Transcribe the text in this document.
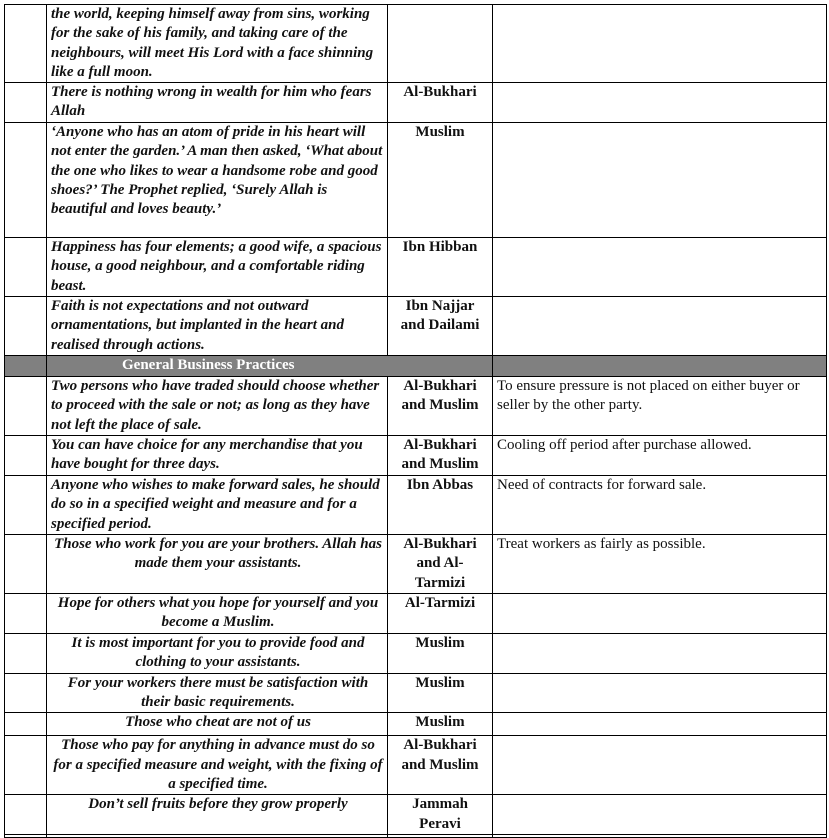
	the world, keeping himself away from sins, working for the sake of his family, and taking care of the neighbours, will meet His Lord with a face shinning like a full moon.		
	There is nothing wrong in wealth for him who fears Allah	Al-Bukhari	
	‘Anyone who has an atom of pride in his heart will not enter the garden.’ A man then asked, ‘What about the one who likes to wear a handsome robe and good shoes?’ The Prophet replied, ‘Surely Allah is beautiful and loves beauty.’	Muslim	
	Happiness has four elements; a good wife, a spacious house, a good neighbour, and a comfortable riding beast.	Ibn Hibban	
	Faith is not expectations and not outward ornamentations, but implanted in the heart and realised through actions.	Ibn Najjar and Dailami	
	General Business Practices		
	Two persons who have traded should choose whether to proceed with the sale or not; as long as they have not left the place of sale.	Al-Bukhari and Muslim	To ensure pressure is not placed on either buyer or seller by the other party.
	You can have choice for any merchandise that you have bought for three days.	Al-Bukhari and Muslim	Cooling off period after purchase allowed.
	Anyone who wishes to make forward sales, he should do so in a specified weight and measure and for a specified period.	Ibn Abbas	Need of contracts for forward sale.
	Those who work for you are your brothers. Allah has made them your assistants.	Al-Bukhari and Al-Tarmizi	Treat workers as fairly as possible.
	Hope for others what you hope for yourself and you become a Muslim.	Al-Tarmizi	
	It is most important for you to provide food and clothing to your assistants.	Muslim	
	For your workers there must be satisfaction with their basic requirements.	Muslim	
	Those who cheat are not of us	Muslim	
	Those who pay for anything in advance must do so for a specified measure and weight, with the fixing of a specified time.	Al-Bukhari and Muslim	
	Don’t sell fruits before they grow properly	Jammah Peravi	
